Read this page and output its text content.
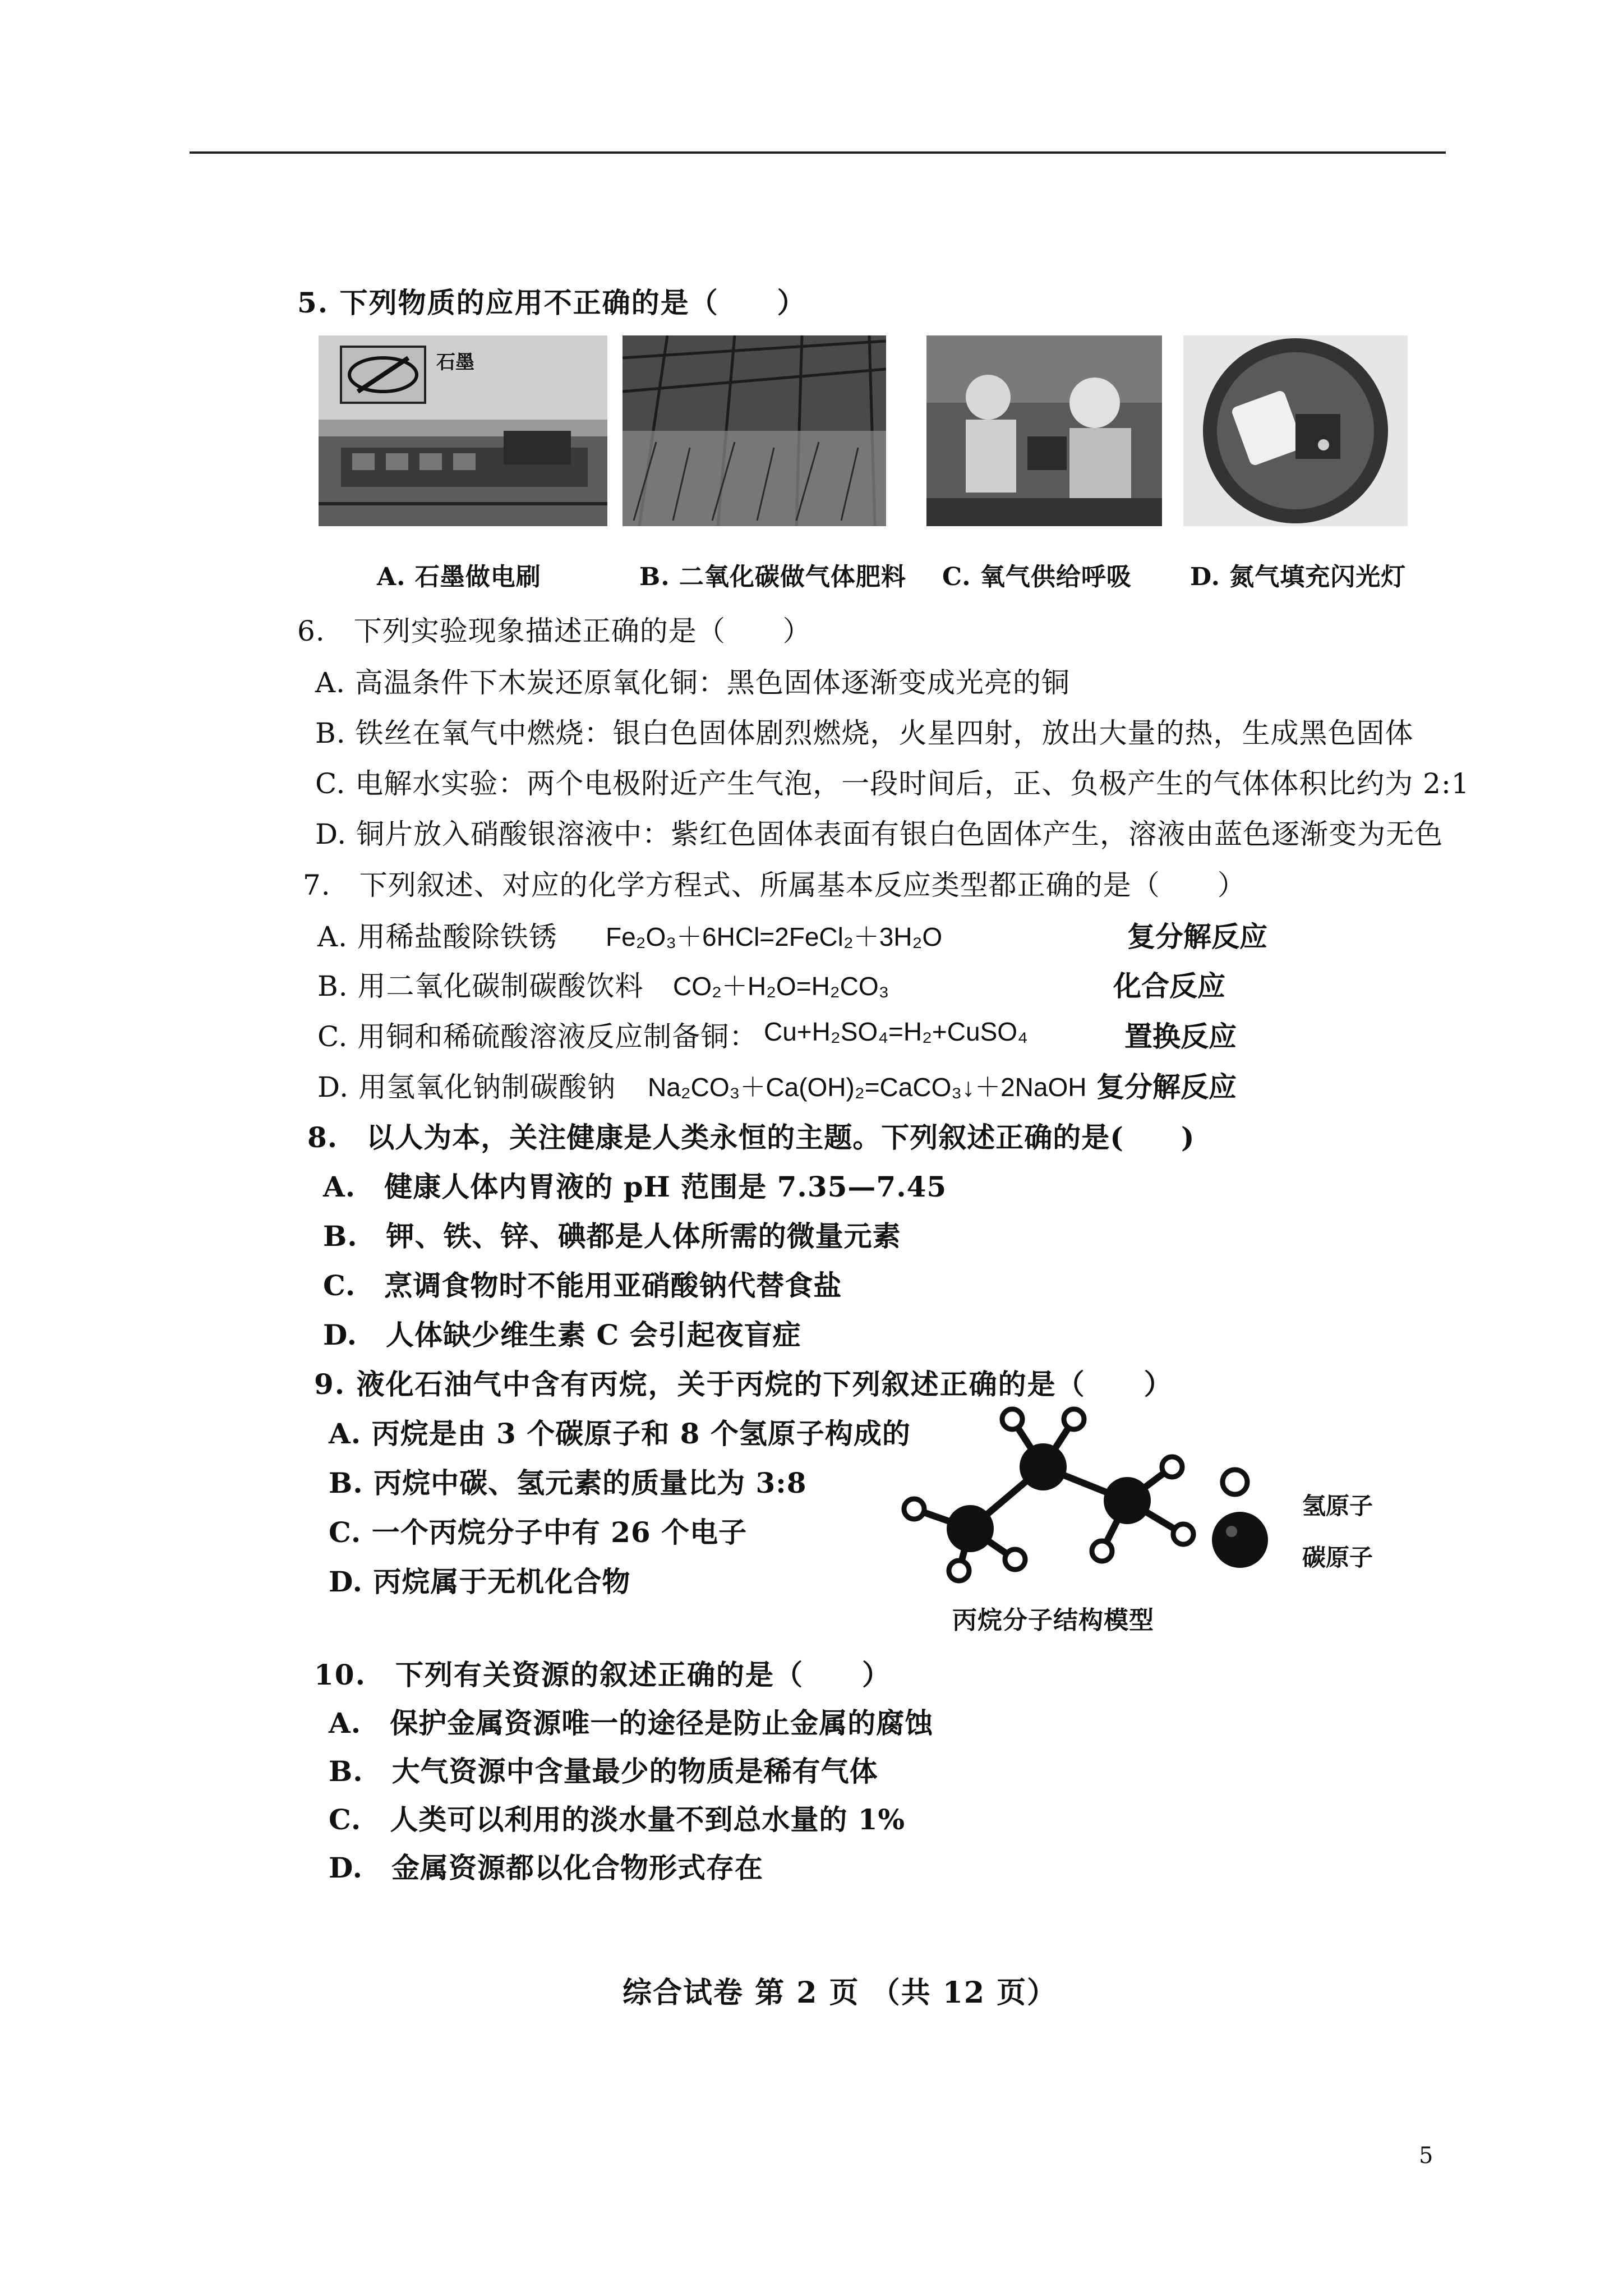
5. 下列物质的应用不正确的是（　　）
石墨
A. 石墨做电刷	B. 二氧化碳做气体肥料 C. 氧气供给呼吸 D. 氮气填充闪光灯
6.　下列实验现象描述正确的是（　　）
A. 高温条件下木炭还原氧化铜：黑色固体逐渐变成光亮的铜
B. 铁丝在氧气中燃烧：银白色固体剧烈燃烧，火星四射，放出大量的热，生成黑色固体
C. 电解水实验：两个电极附近产生气泡，一段时间后，正、负极产生的气体体积比约为 2:1
D. 铜片放入硝酸银溶液中：紫红色固体表面有银白色固体产生，溶液由蓝色逐渐变为无色
7.　下列叙述、对应的化学方程式、所属基本反应类型都正确的是（　　）
A. 用稀盐酸除铁锈 Fe₂O₃＋6HCl=2FeCl₂＋3H₂O	复分解反应
B. 用二氧化碳制碳酸饮料 CO₂＋H₂O=H₂CO₃	化合反应
C. 用铜和稀硫酸溶液反应制备铜： Cu+H₂SO₄=H₂+CuSO₄	置换反应
D. 用氢氧化钠制碳酸钠 Na₂CO₃＋Ca(OH)₂=CaCO₃↓＋2NaOH 复分解反应
8.　以人为本，关注健康是人类永恒的主题。下列叙述正确的是(　　)
A.　健康人体内胃液的 pH 范围是 7.35—7.45
B.　钾、铁、锌、碘都是人体所需的微量元素
C.　烹调食物时不能用亚硝酸钠代替食盐
D.　人体缺少维生素 C 会引起夜盲症
9. 液化石油气中含有丙烷，关于丙烷的下列叙述正确的是（　　）
A. 丙烷是由 3 个碳原子和 8 个氢原子构成的
B. 丙烷中碳、氢元素的质量比为 3:8
C. 一个丙烷分子中有 26 个电子
D. 丙烷属于无机化合物
氢原子
碳原子
丙烷分子结构模型
10.　下列有关资源的叙述正确的是（　　）
A.　保护金属资源唯一的途径是防止金属的腐蚀
B.　大气资源中含量最少的物质是稀有气体
C.　人类可以利用的淡水量不到总水量的 1%
D.　金属资源都以化合物形式存在
综合试卷 第 2 页 （共 12 页）
5
